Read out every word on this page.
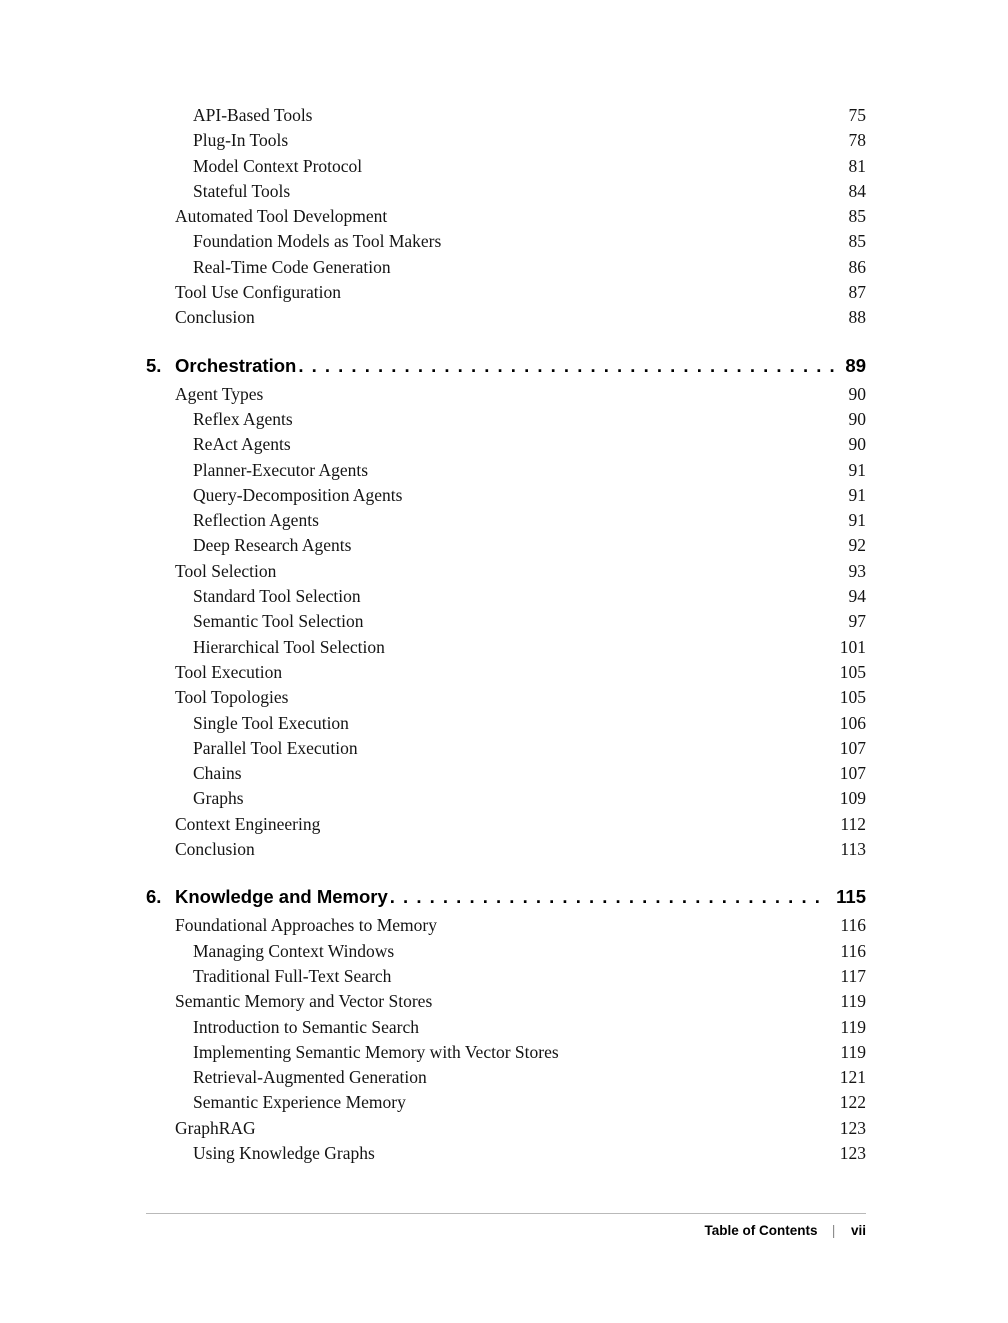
API-Based Tools	75
Plug-In Tools	78
Model Context Protocol	81
Stateful Tools	84
Automated Tool Development	85
Foundation Models as Tool Makers	85
Real-Time Code Generation	86
Tool Use Configuration	87
Conclusion	88
5. Orchestration . . .	89
Agent Types	90
Reflex Agents	90
ReAct Agents	90
Planner-Executor Agents	91
Query-Decomposition Agents	91
Reflection Agents	91
Deep Research Agents	92
Tool Selection	93
Standard Tool Selection	94
Semantic Tool Selection	97
Hierarchical Tool Selection	101
Tool Execution	105
Tool Topologies	105
Single Tool Execution	106
Parallel Tool Execution	107
Chains	107
Graphs	109
Context Engineering	112
Conclusion	113
6. Knowledge and Memory . . .	115
Foundational Approaches to Memory	116
Managing Context Windows	116
Traditional Full-Text Search	117
Semantic Memory and Vector Stores	119
Introduction to Semantic Search	119
Implementing Semantic Memory with Vector Stores	119
Retrieval-Augmented Generation	121
Semantic Experience Memory	122
GraphRAG	123
Using Knowledge Graphs	123
Table of Contents | vii
